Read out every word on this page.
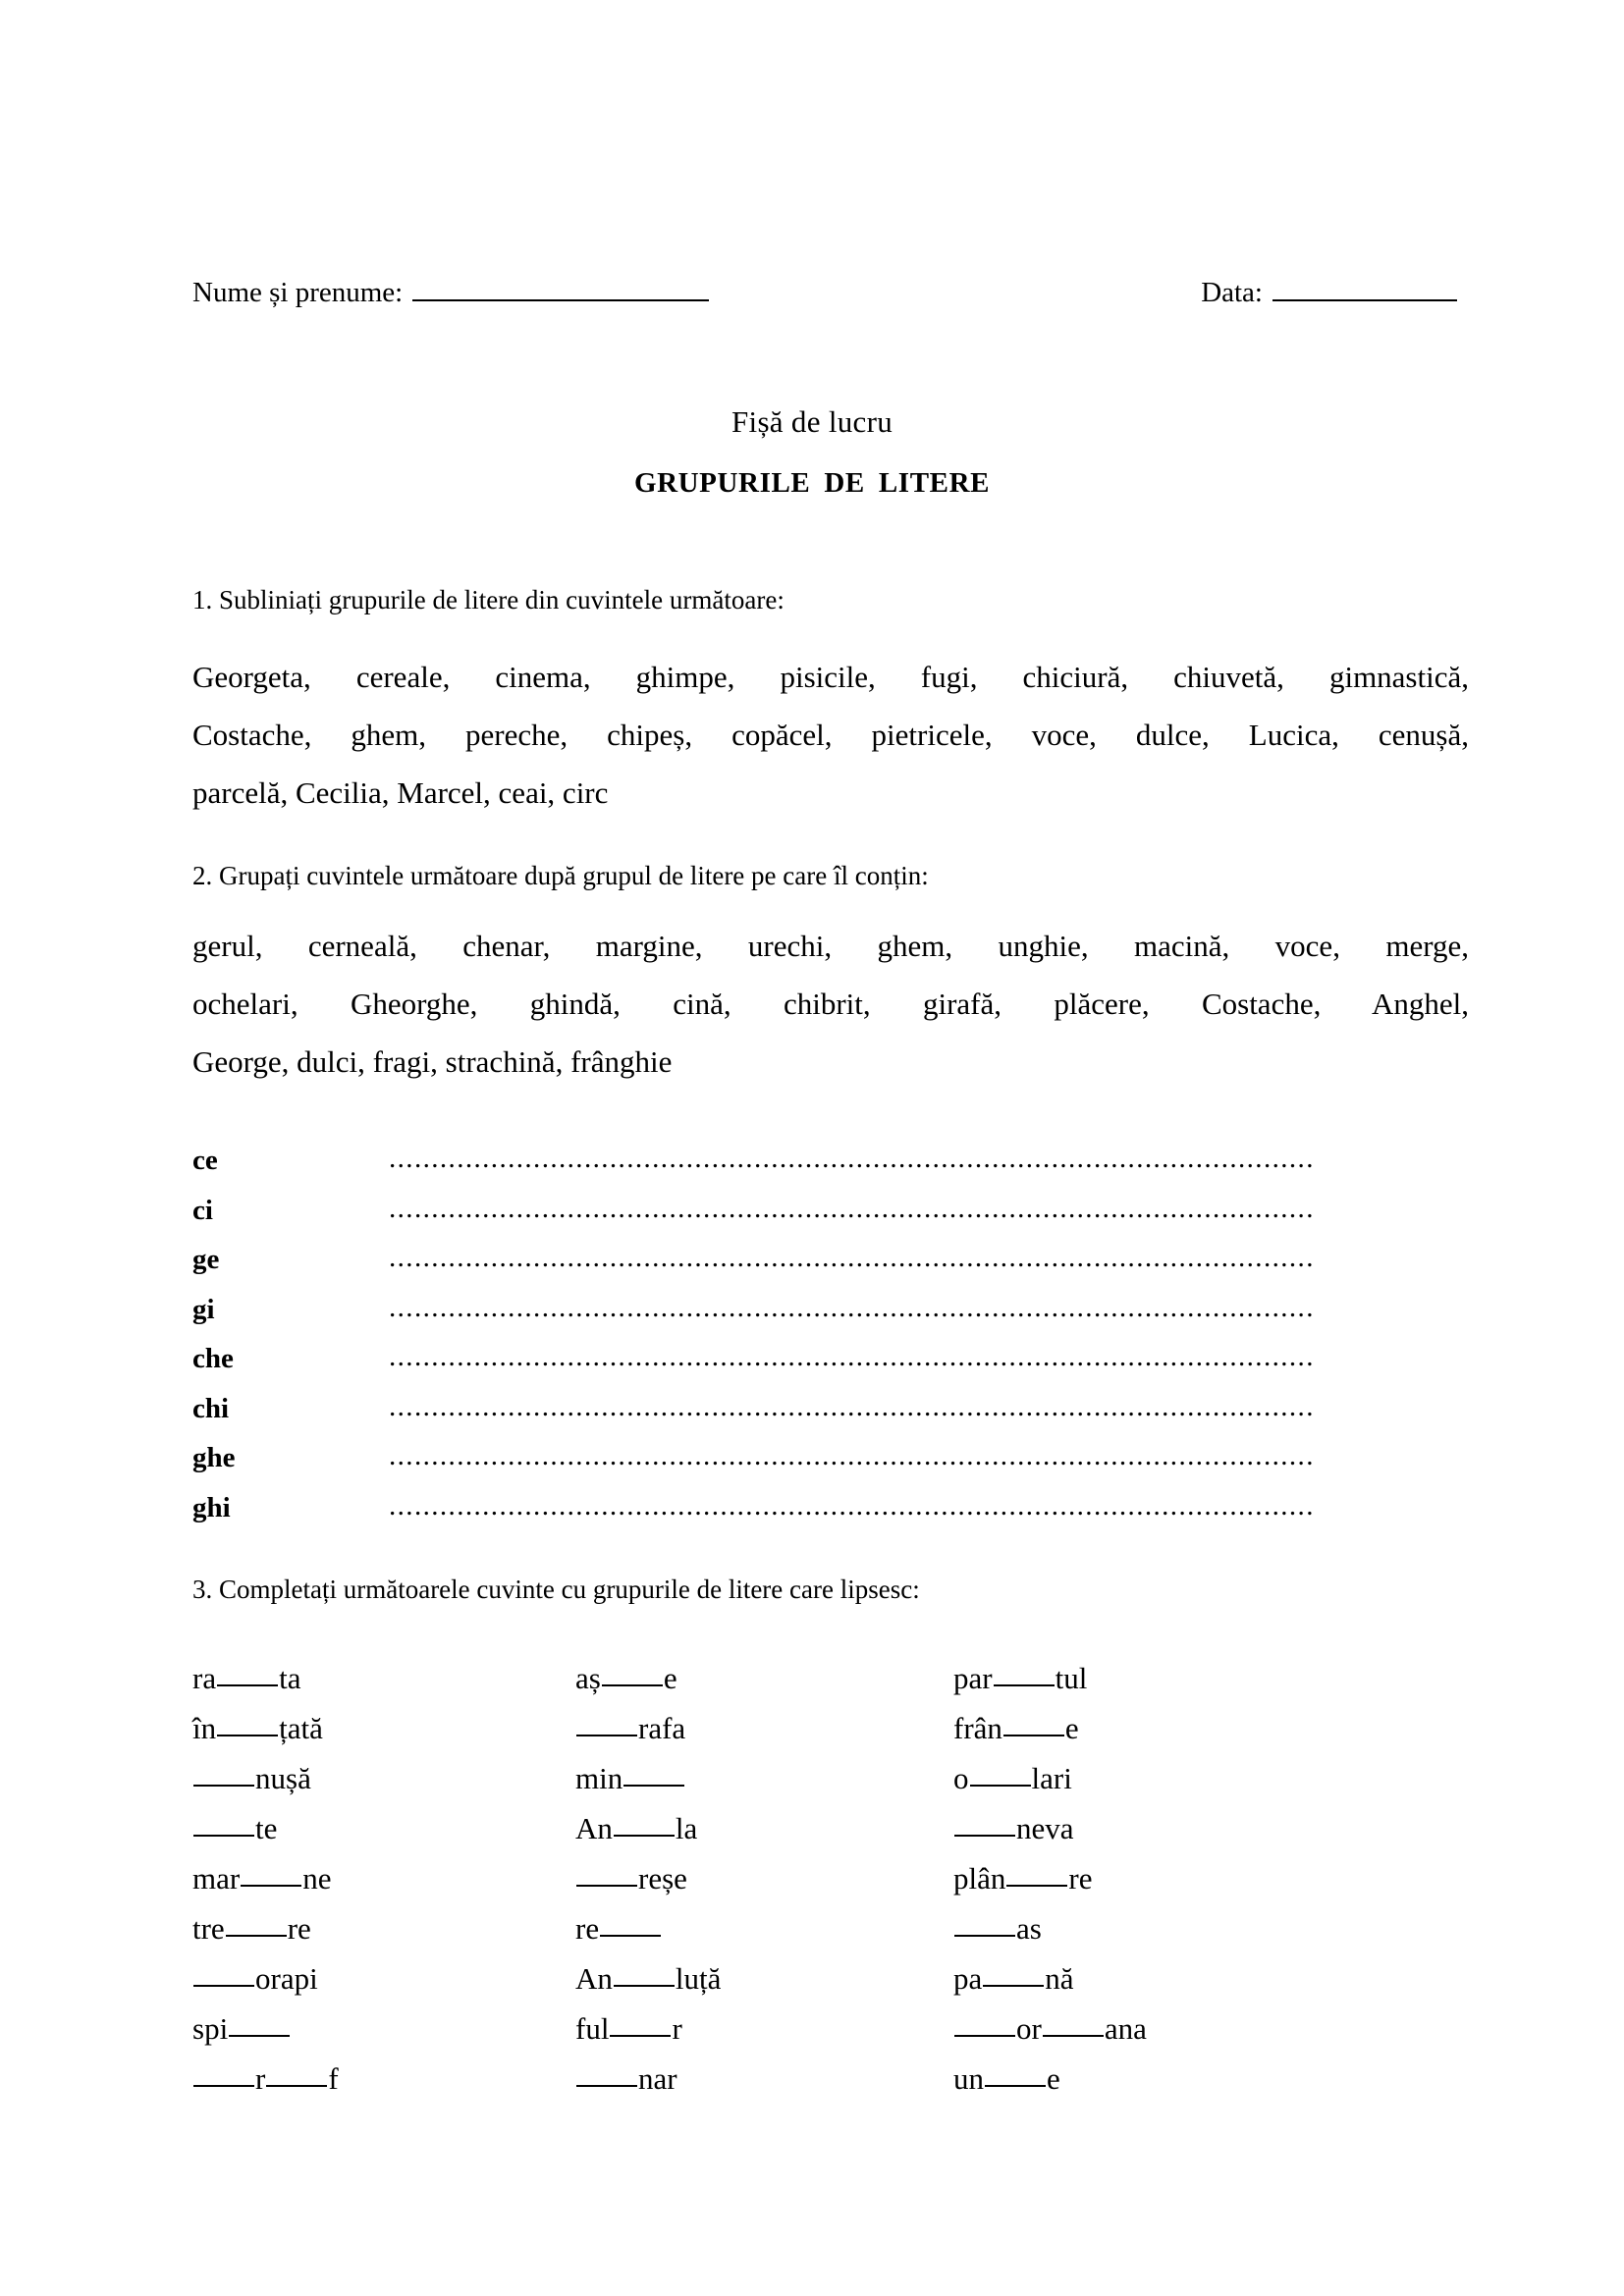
Nume și prenume:	Data:
Fișă de lucru
GRUPURILE DE LITERE
1. Subliniați grupurile de litere din cuvintele următoare:
Georgeta, cereale, cinema, ghimpe, pisicile, fugi, chiciură, chiuvetă, gimnastică,
Costache, ghem, pereche, chipeș, copăcel, pietricele, voce, dulce, Lucica, cenușă,
parcelă, Cecilia, Marcel, ceai, circ
2. Grupați cuvintele următoare după grupul de litere pe care îl conțin:
gerul, cerneală, chenar, margine, urechi, ghem, unghie, macină, voce, merge,
ochelari, Gheorghe, ghindă, cină, chibrit, girafă, plăcere, Costache, Anghel,
George, dulci, fragi, strachină, frânghie
ce	.............................................................................................................
ci	.............................................................................................................
ge	.............................................................................................................
gi	.............................................................................................................
che	.............................................................................................................
chi	.............................................................................................................
ghe	.............................................................................................................
ghi	.............................................................................................................
3. Completați următoarele cuvinte cu grupurile de litere care lipsesc:
ra ta	aș e	par tul
în țată	rafa	frân e
nușă	min	o lari
te	An la	neva
mar ne	reșe	plân re
tre re	re	as
orapi	An luță	pa nă
spi	ful r	or ana
r f	nar	un e
